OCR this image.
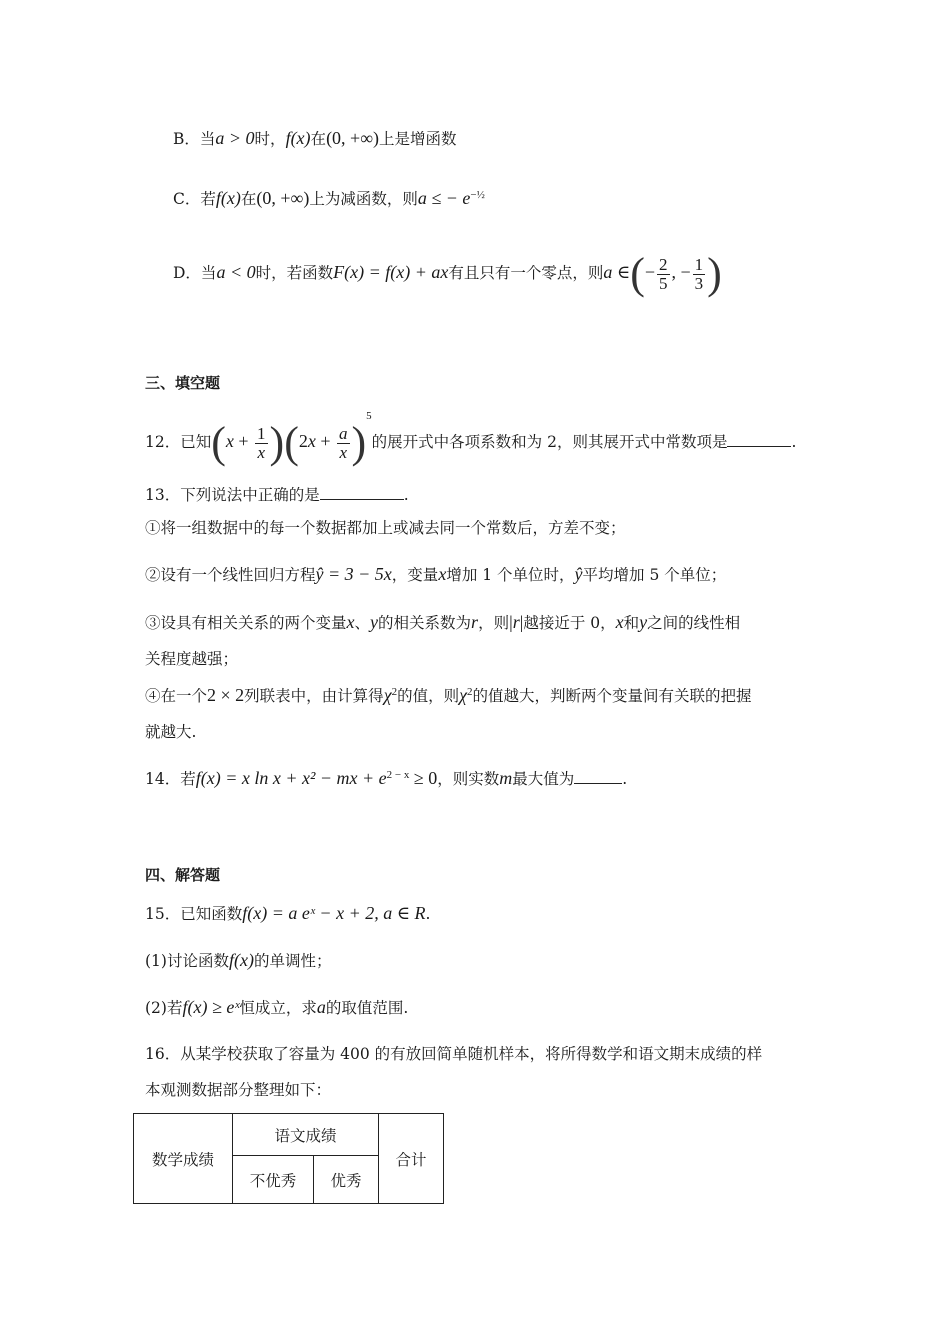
B．当a > 0时，f(x)在(0, +∞)上是增函数
C．若f(x)在(0, +∞)上为减函数，则a ≤ − $e^{-\frac{1}{2}}$
D．当a < 0时，若函数F(x) = f(x) + ax有且只有一个零点，则a ∈(− $\frac{2}{5}$ , − $\frac{1}{3}$ )
三、填空题
12．已知$(x + \frac{1}{x} )(2x + \frac{a}{x} )^5$的展开式中各项系数和为 2，则其展开式中常数项是	.
13．下列说法中正确的是	.
①将一组数据中的每一个数据都加上或减去同一个常数后，方差不变；
②设有一个线性回归方程ŷ = 3 − 5x，变量x增加 1 个单位时，ŷ平均增加 5 个单位；
③设具有相关关系的两个变量x、y的相关系数为r，则|r|越接近于 0，x和y之间的线性相
关程度越强；
④在一个2 × 2列联表中，由计算得$\chi^2$的值，则$\chi^2$的值越大，判断两个变量间有关联的把握
就越大.
14．若f(x) = x ln x + x² − mx + $e^{2 - x} \ge 0$，则实数m最大值为	.
四、解答题
15．已知函数f(x) = a eˣ − x + 2, a ∈ R.
(1)讨论函数f(x)的单调性；
(2)若f(x) ≥ eˣ恒成立，求a的取值范围.
16．从某学校获取了容量为 400 的有放回简单随机样本，将所得数学和语文期末成绩的样
本观测数据部分整理如下：
数学成绩	语文成绩		合计
	不优秀	优秀	
